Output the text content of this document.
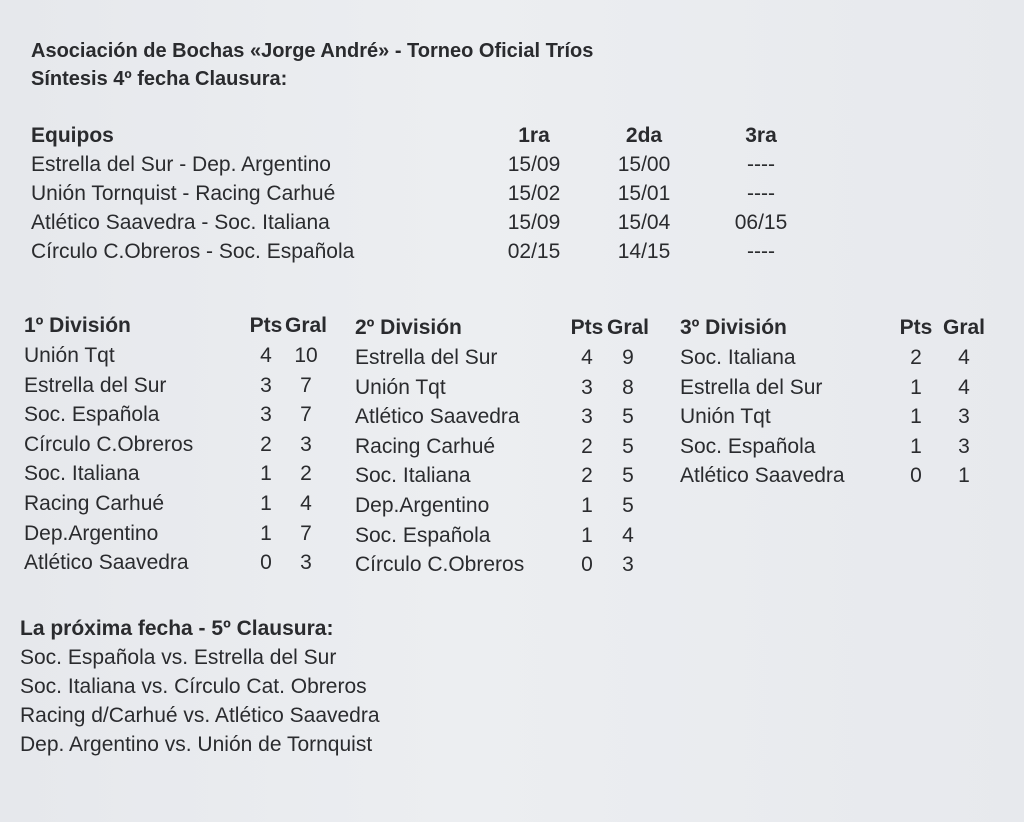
Asociación de Bochas «Jorge André» - Torneo Oficial Tríos
Síntesis 4º fecha Clausura:
Equipos	1ra	2da	3ra
Estrella del Sur - Dep. Argentino	15/09	15/00	----
Unión Tornquist - Racing Carhué	15/02	15/01	----
Atlético Saavedra - Soc. Italiana	15/09	15/04	06/15
Círculo C.Obreros - Soc. Española	02/15	14/15	----
1º División	Pts Gral
Unión Tqt	4	10
Estrella del Sur	3	7
Soc. Española	3	7
Círculo C.Obreros	2	3
Soc. Italiana	1	2
Racing Carhué	1	4
Dep.Argentino	1	7
Atlético Saavedra	0	3
2º División	Pts Gral
Estrella del Sur	4	9
Unión Tqt	3	8
Atlético Saavedra	3	5
Racing Carhué	2	5
Soc. Italiana	2	5
Dep.Argentino	1	5
Soc. Española	1	4
Círculo C.Obreros	0	3
3º División	Pts Gral
Soc. Italiana	2	4
Estrella del Sur	1	4
Unión Tqt	1	3
Soc. Española	1	3
Atlético Saavedra	0	1
La próxima fecha - 5º Clausura:
Soc. Española vs. Estrella del Sur
Soc. Italiana vs. Círculo Cat. Obreros
Racing d/Carhué vs. Atlético Saavedra
Dep. Argentino vs. Unión de Tornquist
